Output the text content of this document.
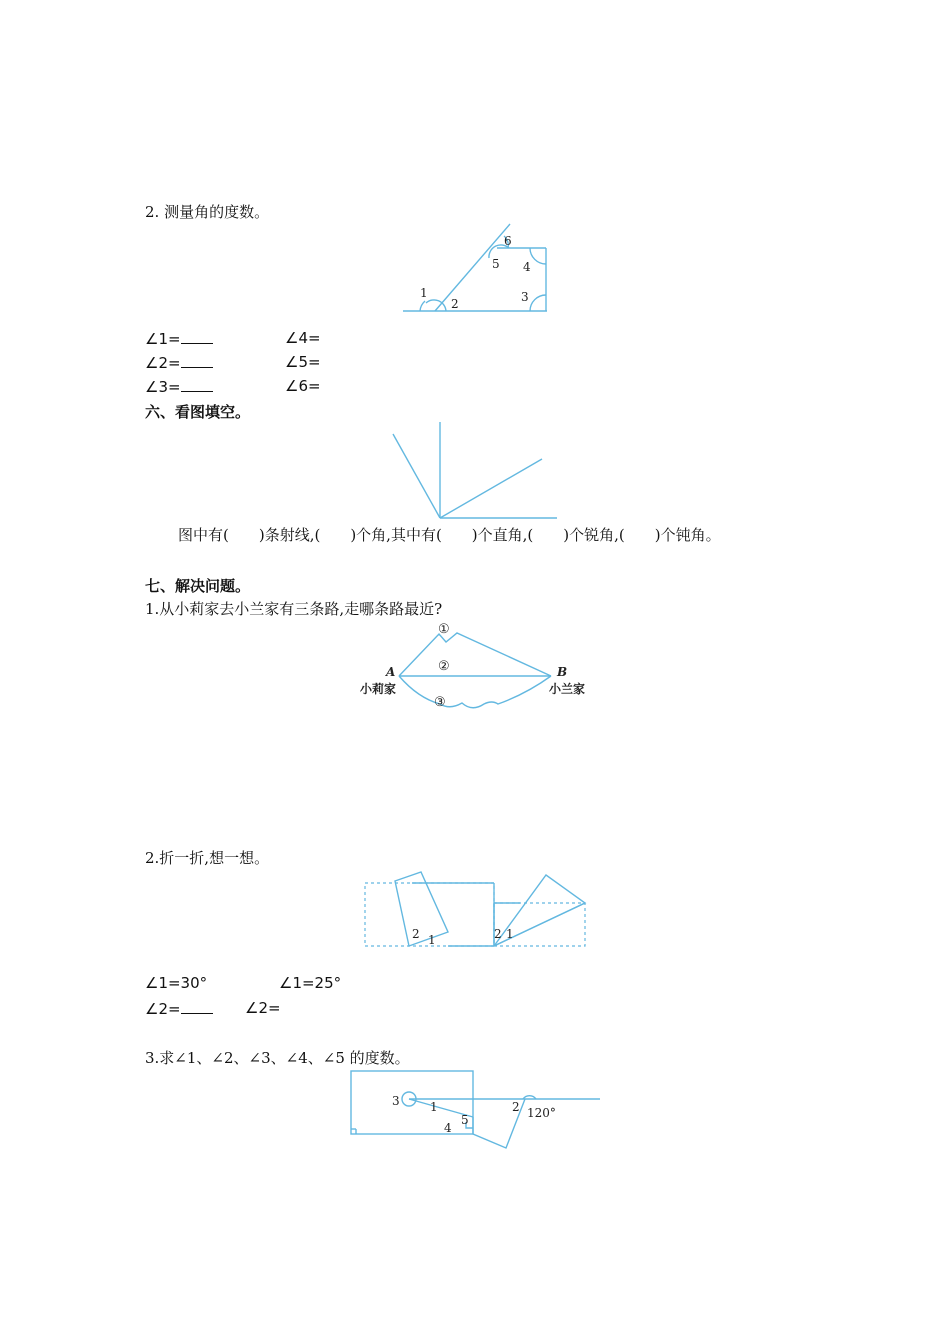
2. 测量角的度数。
1
2	3
4
5
6
∠1=	∠4=
∠2=	∠5=
∠3=	∠6=
六、看图填空。
图中有(　　)条射线,(　　)个角,其中有(　　)个直角,(　　)个锐角,(　　)个钝角。
七、解决问题。
1.从小莉家去小兰家有三条路,走哪条路最近?
①
②
③
A	B
小莉家	小兰家
2.折一折,想一想。
2 1	2 1
∠1=30°	∠1=25°
∠2=	∠2=
3.求∠1、∠2、∠3、∠4、∠5 的度数。
3	1
5
4
2 120°
